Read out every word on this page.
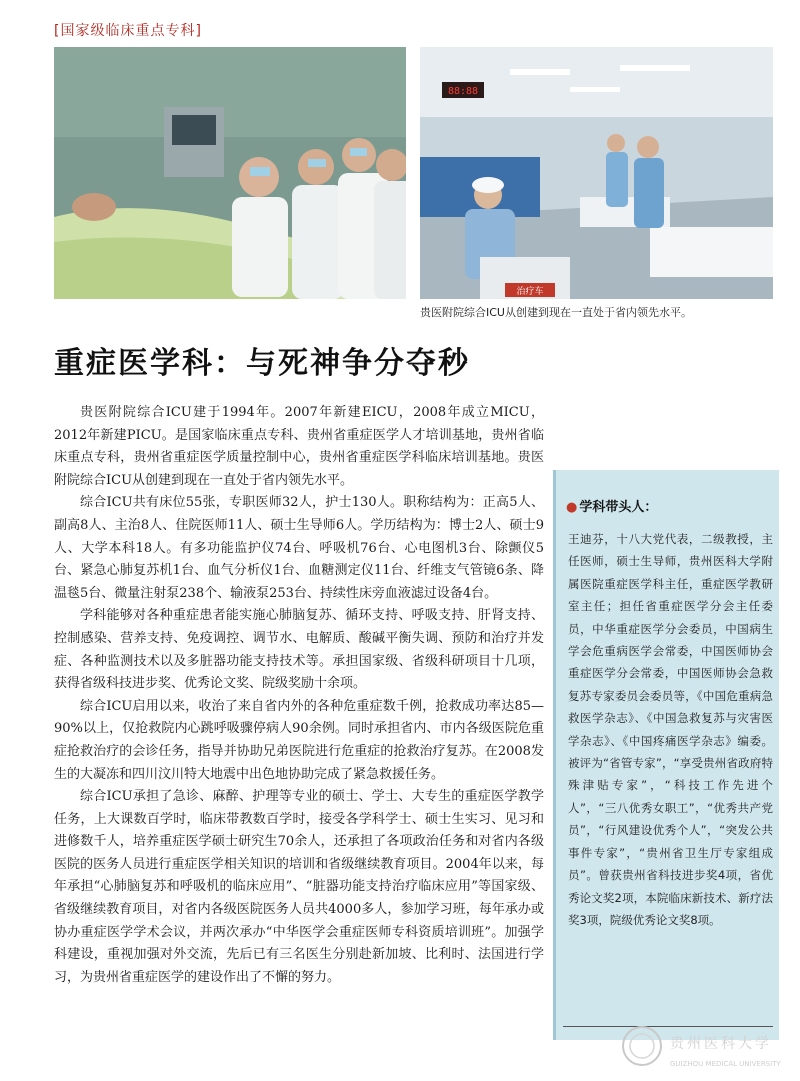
[国家级临床重点专科]
88:88
治疗车
贵医附院综合ICU从创建到现在一直处于省内领先水平。
重症医学科：与死神争分夺秒

贵医附院综合ICU建于1994年。2007年新建EICU，2008年成立MICU，2012年新建PICU。是国家临床重点专科、贵州省重症医学人才培训基地，贵州省临床重点专科，贵州省重症医学质量控制中心，贵州省重症医学科临床培训基地。贵医附院综合ICU从创建到现在一直处于省内领先水平。

综合ICU共有床位55张，专职医师32人，护士130人。职称结构为：正高5人、副高8人、主治8人、住院医师11人、硕士生导师6人。学历结构为：博士2人、硕士9人、大学本科18人。有多功能监护仪74台、呼吸机76台、心电图机3台、除颤仪5台、紧急心肺复苏机1台、血气分析仪1台、血糖测定仪11台、纤维支气管镜6条、降温毯5台、微量注射泵238个、输液泵253台、持续性床旁血液滤过设备4台。

学科能够对各种重症患者能实施心肺脑复苏、循环支持、呼吸支持、肝肾支持、控制感染、营养支持、免疫调控、调节水、电解质、酸碱平衡失调、预防和治疗并发症、各种监测技术以及多脏器功能支持技术等。承担国家级、省级科研项目十几项，获得省级科技进步奖、优秀论文奖、院级奖励十余项。

综合ICU启用以来，收治了来自省内外的各种危重症数千例，抢救成功率达85—90%以上，仅抢救院内心跳呼吸骤停病人90余例。同时承担省内、市内各级医院危重症抢救治疗的会诊任务，指导并协助兄弟医院进行危重症的抢救治疗复苏。在2008发生的大凝冻和四川汶川特大地震中出色地协助完成了紧急救援任务。

综合ICU承担了急诊、麻醉、护理等专业的硕士、学士、大专生的重症医学教学任务，上大课数百学时，临床带教数百学时，接受各学科学士、硕士生实习、见习和进修数千人，培养重症医学硕士研究生70余人，还承担了各项政治任务和对省内各级医院的医务人员进行重症医学相关知识的培训和省级继续教育项目。2004年以来，每年承担“心肺脑复苏和呼吸机的临床应用”、“脏器功能支持治疗临床应用”等国家级、省级继续教育项目，对省内各级医院医务人员共4000多人，参加学习班，每年承办或协办重症医学学术会议，并两次承办“中华医学会重症医师专科资质培训班”。加强学科建设，重视加强对外交流，先后已有三名医生分别赴新加坡、比利时、法国进行学习，为贵州省重症医学的建设作出了不懈的努力。

● 学科带头人：
王迪芬，十八大党代表，二级教授，主任医师，硕士生导师，贵州医科大学附属医院重症医学科主任，重症医学教研室主任；担任省重症医学分会主任委员，中华重症医学分会委员，中国病生学会危重病医学会常委，中国医师协会重症医学分会常委，中国医师协会急救复苏专家委员会委员等，《中国危重病急救医学杂志》、《中国急救复苏与灾害医学杂志》、《中国疼痛医学杂志》编委。被评为“省管专家”，“享受贵州省政府特殊津贴专家”，“科技工作先进个人”，“三八优秀女职工”，“优秀共产党员”，“行风建设优秀个人”，“突发公共事件专家”，“贵州省卫生厅专家组成员”。曾获贵州省科技进步奖4项，省优秀论文奖2项，本院临床新技术、新疗法奖3项，院级优秀论文奖8项。
贵州医科大学
GUIZHOU MEDICAL UNIVERSITY
